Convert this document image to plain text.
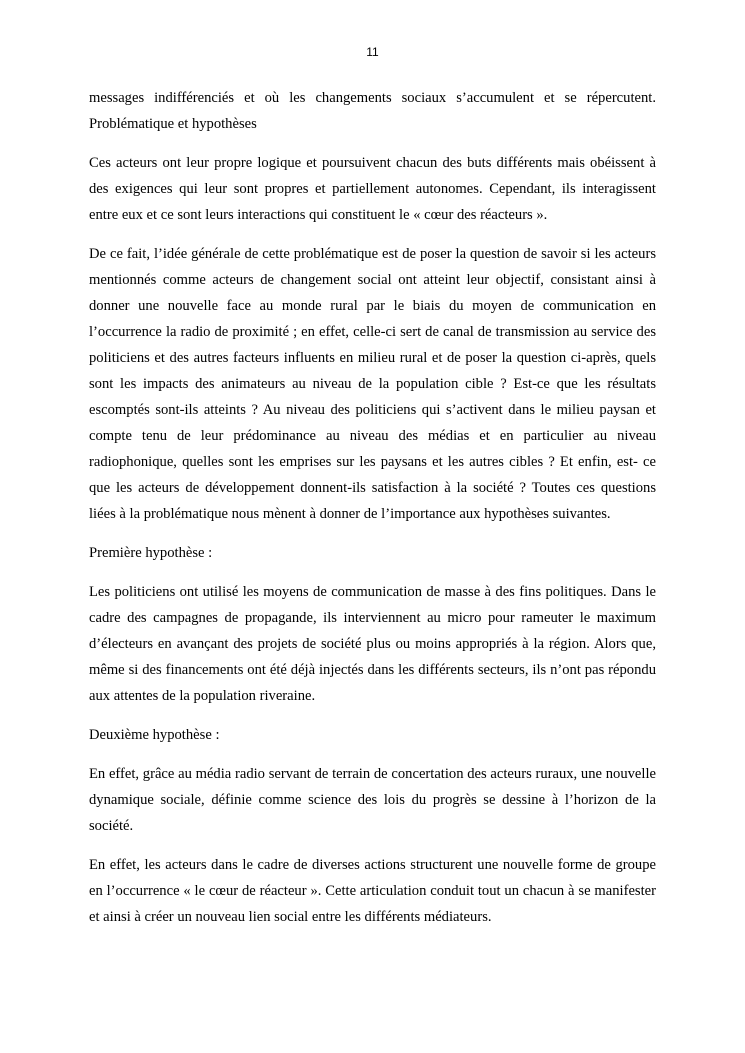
11

messages indifférenciés et où les changements sociaux s’accumulent et se répercutent.
Problématique et hypothèses

Ces acteurs ont leur propre logique et poursuivent chacun des buts différents mais obéissent à des exigences qui leur sont propres et partiellement autonomes. Cependant, ils interagissent entre eux et ce sont leurs interactions qui constituent le « cœur des réacteurs ».

De ce fait, l’idée générale de cette problématique est de poser la question de savoir si les acteurs mentionnés comme acteurs de changement social ont atteint leur objectif, consistant ainsi à donner une nouvelle face au monde rural par le biais du moyen de communication en l’occurrence la radio de proximité ; en effet, celle-ci sert de canal de transmission au service des politiciens et des autres facteurs influents en milieu rural et de poser la question ci-après, quels sont les impacts des animateurs au niveau de la population cible ? Est-ce que les résultats escomptés sont-ils atteints ? Au niveau des politiciens qui s’activent dans le milieu paysan et compte tenu de leur prédominance au niveau des médias et en particulier au niveau radiophonique, quelles sont les emprises sur les paysans et les autres cibles ? Et enfin, est- ce que les acteurs de développement donnent-ils satisfaction à la société ? Toutes ces questions liées à la problématique nous mènent à donner de l’importance aux hypothèses suivantes.

Première hypothèse :

Les politiciens ont utilisé les moyens de communication de masse à des fins politiques. Dans le cadre des campagnes de propagande, ils interviennent au micro pour rameuter le maximum d’électeurs en avançant des projets de société plus ou moins appropriés à la région. Alors que, même si des financements ont été déjà injectés dans les différents secteurs, ils n’ont pas répondu aux attentes de la population riveraine.

Deuxième hypothèse :

En effet, grâce au média radio servant de terrain de concertation des acteurs ruraux, une nouvelle dynamique sociale, définie comme science des lois du progrès se dessine à l’horizon de la société.

En effet, les acteurs dans le cadre de diverses actions structurent une nouvelle forme de groupe en l’occurrence « le cœur de réacteur ». Cette articulation conduit tout un chacun à se manifester et ainsi à créer un nouveau lien social entre les différents médiateurs.
